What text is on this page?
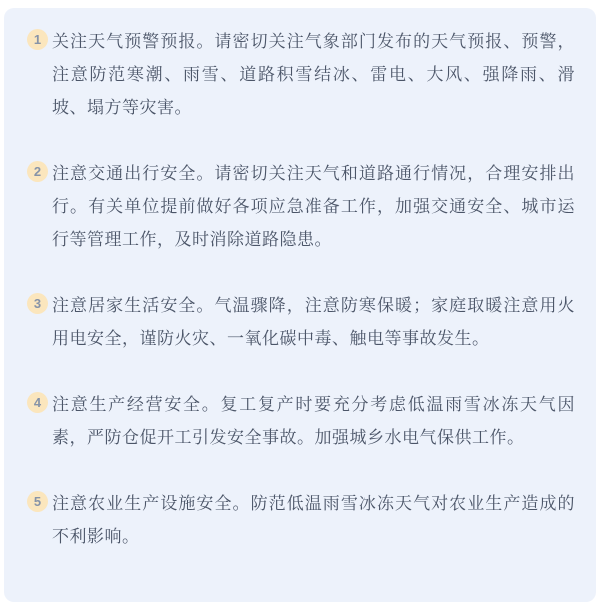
1 关注天气预警预报。请密切关注气象部门发布的天气预报、预警，注意防范寒潮、雨雪、道路积雪结冰、雷电、大风、强降雨、滑坡、塌方等灾害。
2 注意交通出行安全。请密切关注天气和道路通行情况，合理安排出行。有关单位提前做好各项应急准备工作，加强交通安全、城市运行等管理工作，及时消除道路隐患。
3 注意居家生活安全。气温骤降，注意防寒保暖；家庭取暖注意用火用电安全，谨防火灾、一氧化碳中毒、触电等事故发生。
4 注意生产经营安全。复工复产时要充分考虑低温雨雪冰冻天气因素，严防仓促开工引发安全事故。加强城乡水电气保供工作。
5 注意农业生产设施安全。防范低温雨雪冰冻天气对农业生产造成的不利影响。
